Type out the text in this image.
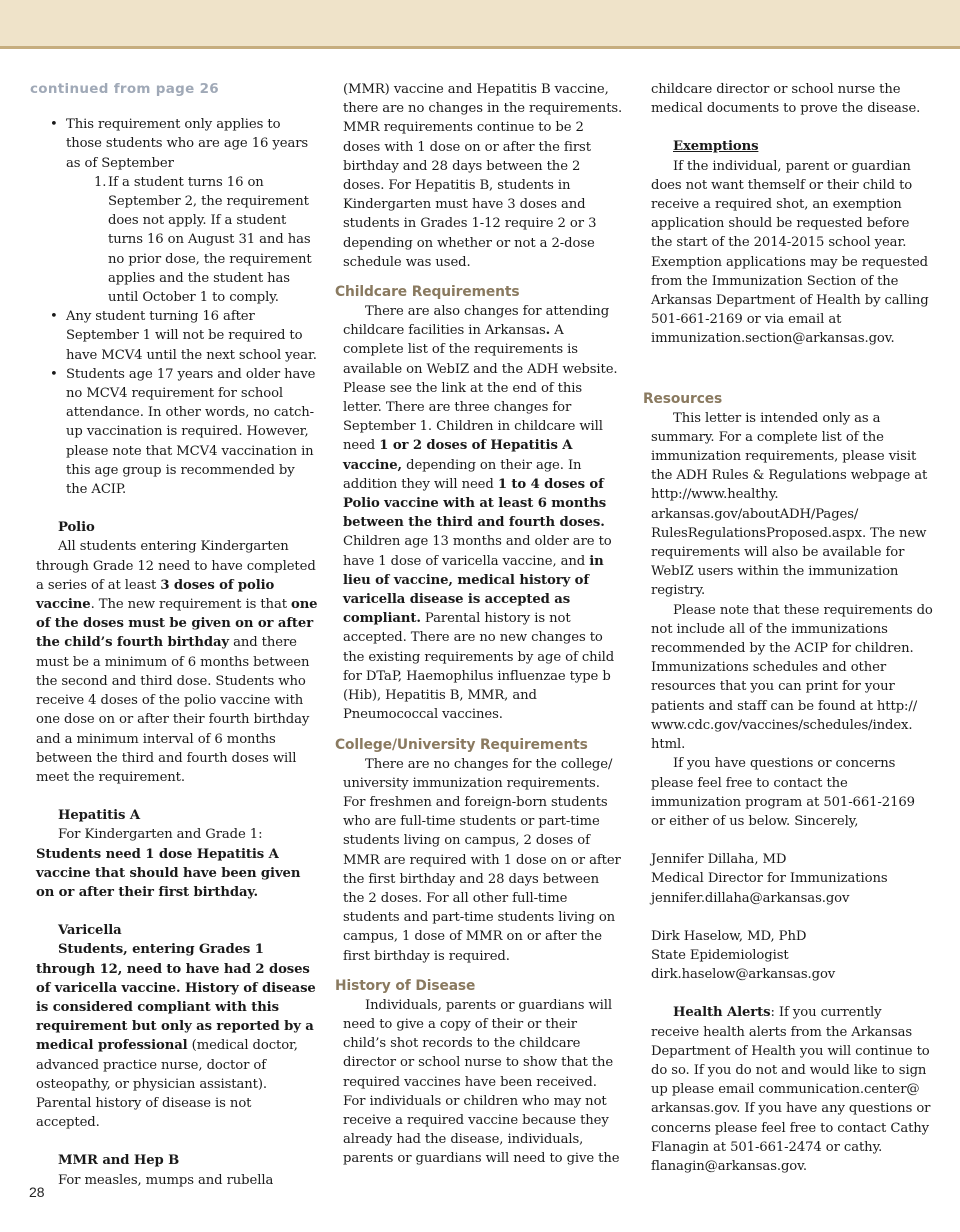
continued from page 26

• This requirement only applies to those students who are age 16 years as of September
1. If a student turns 16 on September 2, the requirement does not apply. If a student turns 16 on August 31 and has no prior dose, the requirement applies and the student has until October 1 to comply.
• Any student turning 16 after September 1 will not be required to have MCV4 until the next school year.
• Students age 17 years and older have no MCV4 requirement for school attendance. In other words, no catch-up vaccination is required. However, please note that MCV4 vaccination in this age group is recommended by the ACIP.

Polio

All students entering Kindergarten through Grade 12 need to have completed a series of at least 3 doses of polio vaccine. The new requirement is that one of the doses must be given on or after the child’s fourth birthday and there must be a minimum of 6 months between the second and third dose. Students who receive 4 doses of the polio vaccine with one dose on or after their fourth birthday and a minimum interval of 6 months between the third and fourth doses will meet the requirement.

Hepatitis A

For Kindergarten and Grade 1:

Students need 1 dose Hepatitis A vaccine that should have been given on or after their first birthday.

Varicella

Students, entering Grades 1 through 12, need to have had 2 doses of varicella vaccine. History of disease is considered compliant with this requirement but only as reported by a medical professional (medical doctor, advanced practice nurse, doctor of osteopathy, or physician assistant). Parental history of disease is not accepted.

MMR and Hep B

For measles, mumps and rubella

(MMR) vaccine and Hepatitis B vaccine, there are no changes in the requirements. MMR requirements continue to be 2 doses with 1 dose on or after the first birthday and 28 days between the 2 doses. For Hepatitis B, students in Kindergarten must have 3 doses and students in Grades 1-12 require 2 or 3 depending on whether or not a 2-dose schedule was used.

Childcare Requirements

There are also changes for attending childcare facilities in Arkansas. A complete list of the requirements is available on WebIZ and the ADH website. Please see the link at the end of this letter. There are three changes for September 1. Children in childcare will need 1 or 2 doses of Hepatitis A vaccine, depending on their age. In addition they will need 1 to 4 doses of Polio vaccine with at least 6 months between the third and fourth doses. Children age 13 months and older are to have 1 dose of varicella vaccine, and in lieu of vaccine, medical history of varicella disease is accepted as compliant. Parental history is not accepted. There are no new changes to the existing requirements by age of child for DTaP, Haemophilus influenzae type b (Hib), Hepatitis B, MMR, and Pneumococcal vaccines.

College/University Requirements

There are no changes for the college/ university immunization requirements. For freshmen and foreign-born students who are full-time students or part-time students living on campus, 2 doses of MMR are required with 1 dose on or after the first birthday and 28 days between the 2 doses. For all other full-time students and part-time students living on campus, 1 dose of MMR on or after the first birthday is required.

History of Disease

Individuals, parents or guardians will need to give a copy of their or their child’s shot records to the childcare director or school nurse to show that the required vaccines have been received. For individuals or children who may not receive a required vaccine because they already had the disease, individuals, parents or guardians will need to give the

childcare director or school nurse the medical documents to prove the disease.

Exemptions

If the individual, parent or guardian does not want themself or their child to receive a required shot, an exemption application should be requested before the start of the 2014-2015 school year. Exemption applications may be requested from the Immunization Section of the Arkansas Department of Health by calling 501-661-2169 or via email at immunization.section@arkansas.gov.

Resources

This letter is intended only as a summary. For a complete list of the immunization requirements, please visit the ADH Rules & Regulations webpage at http://www.healthy. arkansas.gov/aboutADH/Pages/ RulesRegulationsProposed.aspx. The new requirements will also be available for WebIZ users within the immunization registry.

Please note that these requirements do not include all of the immunizations recommended by the ACIP for children. Immunizations schedules and other resources that you can print for your patients and staff can be found at http:// www.cdc.gov/vaccines/schedules/index. html.

If you have questions or concerns please feel free to contact the immunization program at 501-661-2169 or either of us below. Sincerely,

Jennifer Dillaha, MD

Medical Director for Immunizations

jennifer.dillaha@arkansas.gov

Dirk Haselow, MD, PhD

State Epidemiologist

dirk.haselow@arkansas.gov

Health Alerts: If you currently receive health alerts from the Arkansas Department of Health you will continue to do so. If you do not and would like to sign up please email communication.center@ arkansas.gov. If you have any questions or concerns please feel free to contact Cathy Flanagin at 501-661-2474 or cathy. flanagin@arkansas.gov.

28
